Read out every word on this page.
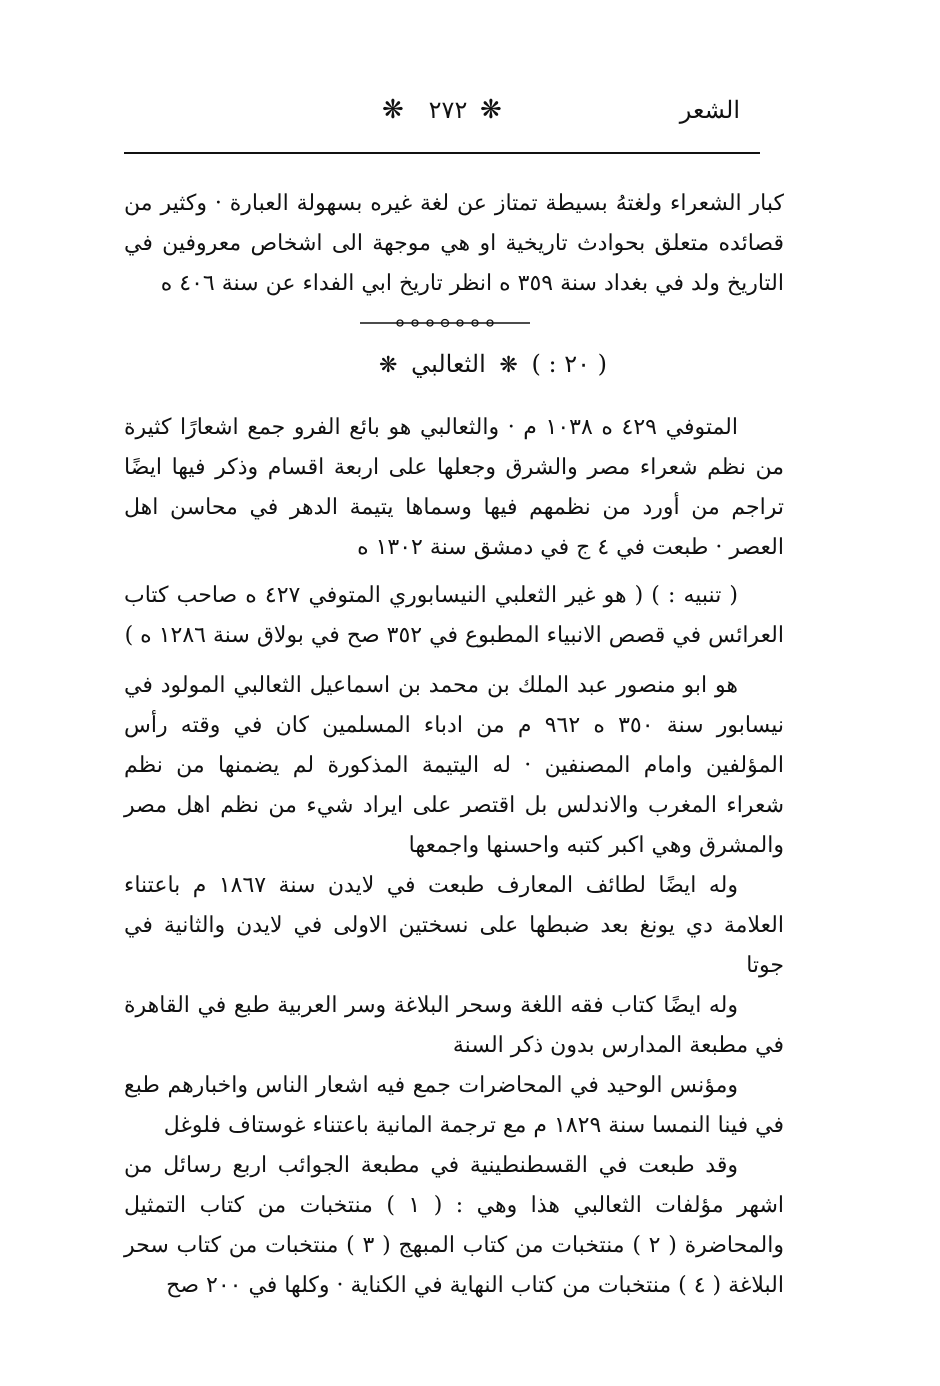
الشعر
❋	٢٧٢ ❋

كبار الشعراء ولغتهُ بسيطة تمتاز عن لغة غيره بسهولة العبارة · وكثير من قصائده متعلق بحوادث تاريخية او هي موجهة الى اشخاص معروفين في التاريخ ولد في بغداد سنة ٣٥٩ ه انظر تاريخ ابي الفداء عن سنة ٤٠٦ ه

( ٢٠ : ) ❋ الثعالبي ❋

المتوفي ٤٢٩ ه ١٠٣٨ م · والثعالبي هو بائع الفرو جمع اشعارًا كثيرة من نظم شعراء مصر والشرق وجعلها على اربعة اقسام وذكر فيها ايضًا تراجم من أورد من نظمهم فيها وسماها يتيمة الدهر في محاسن اهل العصر · طبعت في ٤ ج في دمشق سنة ١٣٠٢ ه

( تنبيه : ) ( هو غير الثعلبي النيسابوري المتوفي ٤٢٧ ه صاحب كتاب العرائس في قصص الانبياء المطبوع في ٣٥٢ صح في بولاق سنة ١٢٨٦ ه )

هو ابو منصور عبد الملك بن محمد بن اسماعيل الثعالبي المولود في نيسابور سنة ٣٥٠ ه ٩٦٢ م من ادباء المسلمين كان في وقته رأس المؤلفين وامام المصنفين · له اليتيمة المذكورة لم يضمنها من نظم شعراء المغرب والاندلس بل اقتصر على ايراد شيء من نظم اهل مصر والمشرق وهي اكبر كتبه واحسنها واجمعها

وله ايضًا لطائف المعارف طبعت في لايدن سنة ١٨٦٧ م باعتناء العلامة دي يونغ بعد ضبطها على نسختين الاولى في لايدن والثانية في جوتا

وله ايضًا كتاب فقه اللغة وسحر البلاغة وسر العربية طبع في القاهرة في مطبعة المدارس بدون ذكر السنة

ومؤنس الوحيد في المحاضرات جمع فيه اشعار الناس واخبارهم طبع في فينا النمسا سنة ١٨٢٩ م مع ترجمة المانية باعتناء غوستاف فلوغل

وقد طبعت في القسطنطينية في مطبعة الجوائب اربع رسائل من اشهر مؤلفات الثعالبي هذا وهي : ( ١ ) منتخبات من كتاب التمثيل والمحاضرة ( ٢ ) منتخبات من كتاب المبهج ( ٣ ) منتخبات من كتاب سحر البلاغة ( ٤ ) منتخبات من كتاب النهاية في الكناية · وكلها في ٢٠٠ صح
